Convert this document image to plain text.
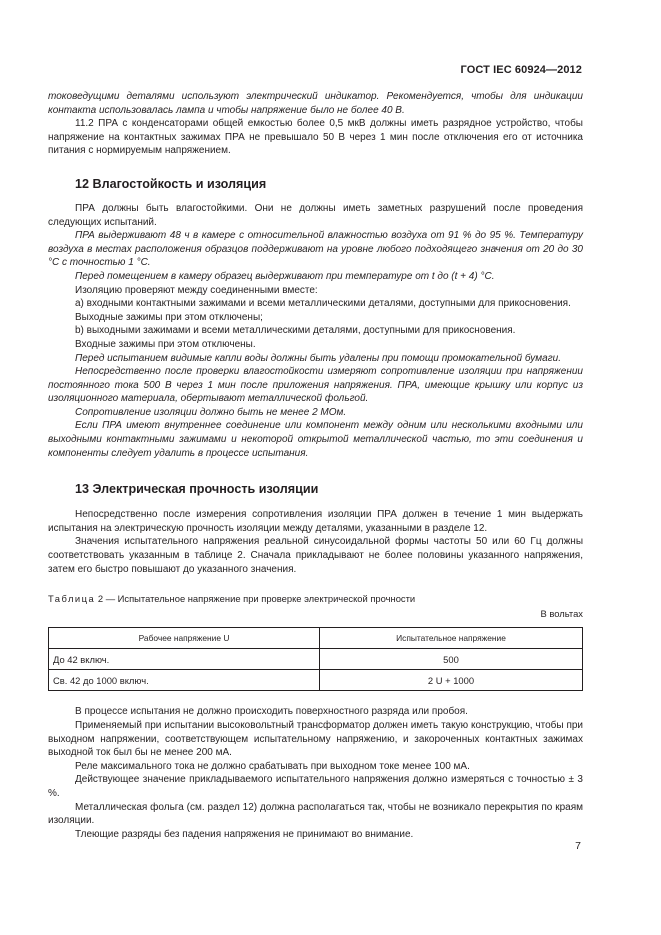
ГОСТ IEC 60924—2012

токоведущими деталями используют электрический индикатор. Рекомендуется, чтобы для индикации контакта использовалась лампа и чтобы напряжение было не более 40 В.

11.2 ПРА с конденсаторами общей емкостью более 0,5 мкВ должны иметь разрядное устройство, чтобы напряжение на контактных зажимах ПРА не превышало 50 В через 1 мин после отключения его от источника питания с нормируемым напряжением.

12 Влагостойкость и изоляция

ПРА должны быть влагостойкими. Они не должны иметь заметных разрушений после проведения следующих испытаний.

ПРА выдерживают 48 ч в камере с относительной влажностью воздуха от 91 % до 95 %. Температуру воздуха в местах расположения образцов поддерживают на уровне любого подходящего значения от 20 до 30 °С с точностью 1 °С.

Перед помещением в камеру образец выдерживают при температуре от t до (t + 4) °С.

Изоляцию проверяют между соединенными вместе:

а) входными контактными зажимами и всеми металлическими деталями, доступными для прикосновения.

Выходные зажимы при этом отключены;

b) выходными зажимами и всеми металлическими деталями, доступными для прикосновения.

Входные зажимы при этом отключены.

Перед испытанием видимые капли воды должны быть удалены при помощи промокательной бумаги.

Непосредственно после проверки влагостойкости измеряют сопротивление изоляции при напряжении постоянного тока 500 В через 1 мин после приложения напряжения. ПРА, имеющие крышку или корпус из изоляционного материала, обертывают металлической фольгой.

Сопротивление изоляции должно быть не менее 2 МОм.

Если ПРА имеют внутреннее соединение или компонент между одним или несколькими входными или выходными контактными зажимами и некоторой открытой металлической частью, то эти соединения и компоненты следует удалить в процессе испытания.

13 Электрическая прочность изоляции

Непосредственно после измерения сопротивления изоляции ПРА должен в течение 1 мин выдержать испытания на электрическую прочность изоляции между деталями, указанными в разделе 12.

Значения испытательного напряжения реальной синусоидальной формы частоты 50 или 60 Гц должны соответствовать указанным в таблице 2. Сначала прикладывают не более половины указанного напряжения, затем его быстро повышают до указанного значения.

Таблица 2 — Испытательное напряжение при проверке электрической прочности
В вольтах
Рабочее напряжение U	Испытательное напряжение
До 42 включ.	500
Св. 42 до 1000 включ.	2 U + 1000

В процессе испытания не должно происходить поверхностного разряда или пробоя.

Применяемый при испытании высоковольтный трансформатор должен иметь такую конструкцию, чтобы при выходном напряжении, соответствующем испытательному напряжению, и закороченных контактных зажимах выходной ток был бы не менее 200 мА.

Реле максимального тока не должно срабатывать при выходном токе менее 100 мА.

Действующее значение прикладываемого испытательного напряжения должно измеряться с точностью ± 3 %.

Металлическая фольга (см. раздел 12) должна располагаться так, чтобы не возникало перекрытия по краям изоляции.

Тлеющие разряды без падения напряжения не принимают во внимание.

7
